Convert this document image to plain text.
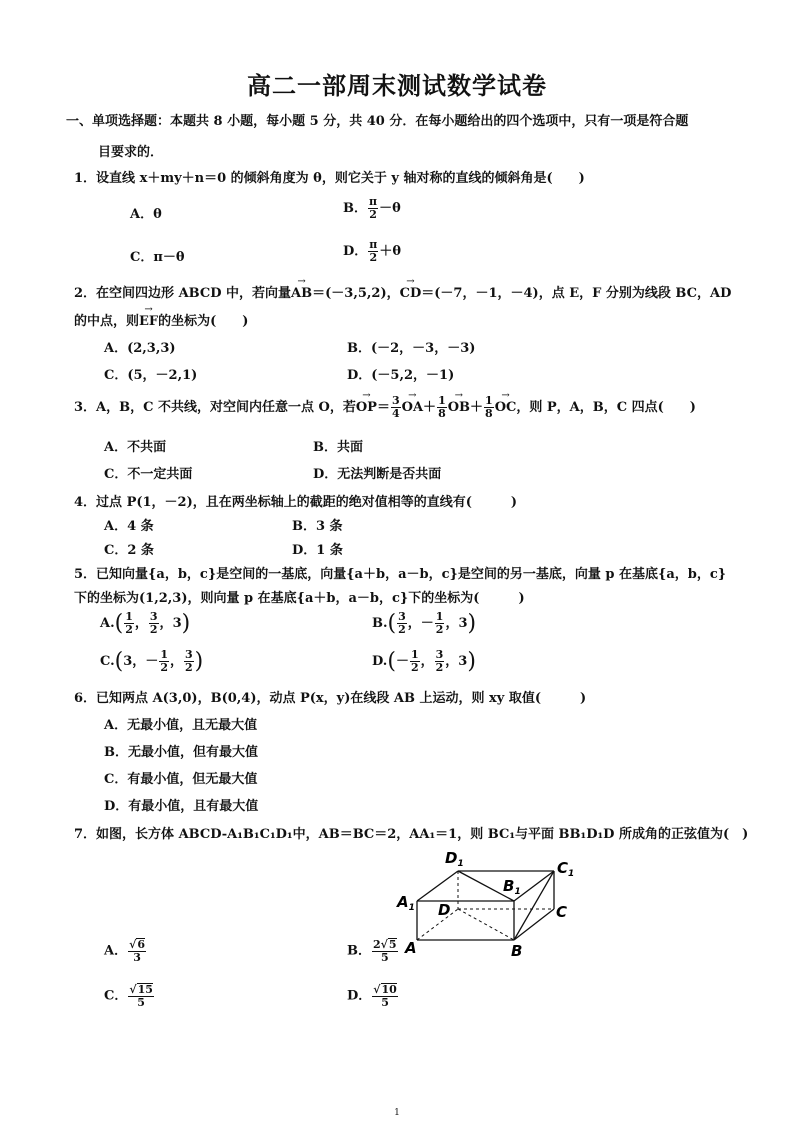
高二一部周末测试数学试卷
一、单项选择题：本题共 8 小题，每小题 5 分，共 40 分．在每小题给出的四个选项中，只有一项是符合题
目要求的．
1．设直线 x＋my＋n＝0 的倾斜角度为 θ，则它关于 y 轴对称的直线的倾斜角是(　　)
A．θ	B． $\frac{\pi}{2} -\theta$
C．π－θ	D． $\frac{\pi}{2} +\theta$
2．在空间四边形 ABCD 中，若向量→ AB＝(－3,5,2)，→ CD＝(－7，－1，－4)，点 E，F 分别为线段 BC，AD
的中点，则→ EF的坐标为(　　)
A．(2,3,3)	B．(－2，－3，－3)
C．(5，－2,1)	D．(－5,2，－1)
3．A，B，C 不共线，对空间内任意一点 O，若→ $OP= \frac{3}{4}$
→ $OA+ \frac{1}{8}$
→ $OB+ \frac{1}{8}$
→ OC，则 P，A，B，C 四点(　　)
A．不共面	B．共面
C．不一定共面	D．无法判断是否共面
4．过点 P(1，－2)，且在两坐标轴上的截距的绝对值相等的直线有(　　　)
A．4 条	B．3 条
C．2 条	D．1 条
5．已知向量{a，b，c}是空间的一基底，向量{a＋b，a－b，c}是空间的另一基底，向量 p 在基底{a，b，c}
下的坐标为(1,2,3)，则向量 p 在基底{a＋b，a－b，c}下的坐标为(　　　)
$A.( \frac{1}{2}$ ， $\frac{3}{2}$ ，3)	$B.( \frac{3}{2}$ ，－ $\frac{1}{2}$ ，3)
C.(3，－ $\frac{1}{2}$ ， $\frac{3}{2}$ )	$D.(- \frac{1}{2}$ ， $\frac{3}{2}$ ，3)
6．已知两点 A(3,0)，B(0,4)，动点 P(x，y)在线段 AB 上运动，则 xy 取值(　　　)
A．无最小值，且无最大值
B．无最小值，但有最大值
C．有最小值，但无最大值
D．有最小值，且有最大值
7．如图，长方体 ABCD-A₁B₁C₁D₁中，AB＝BC＝2，AA₁＝1，则 BC₁与平面 BB₁D₁D 所成角的正弦值为(　)
$D_1$	$C_1$
$B_1$
$A_1$ D	C
A	B
A． $\frac{√6}{3}$	B． $\frac{2√5}{5}$
C． $\frac{√15}{5}$	D． $\frac{√10}{5}$
1
